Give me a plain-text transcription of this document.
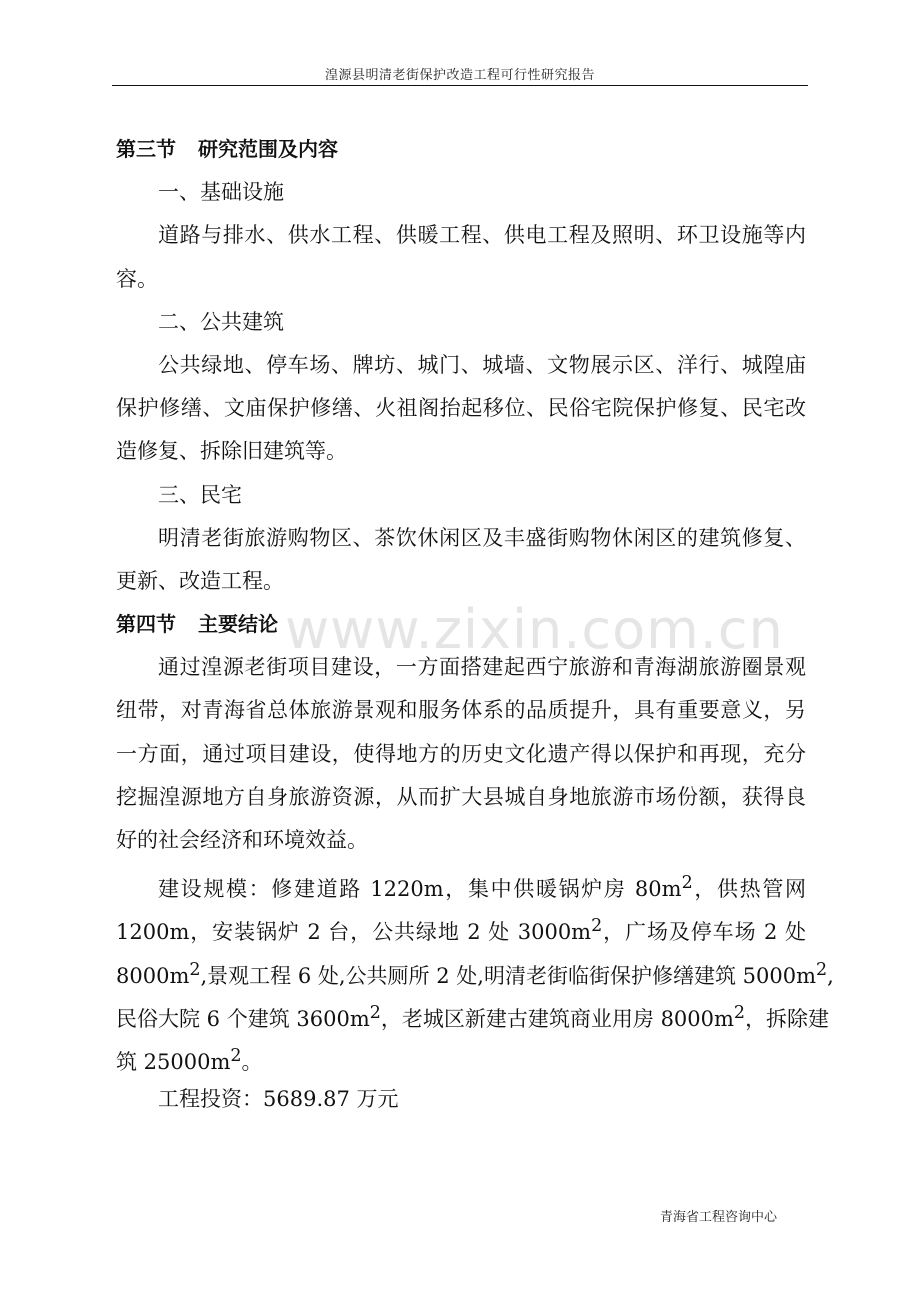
湟源县明清老街保护改造工程可行性研究报告
第三节 研究范围及内容
一、基础设施
道路与排水、供水工程、供暖工程、供电工程及照明、环卫设施等内
容。
二、公共建筑
公共绿地、停车场、牌坊、城门、城墙、文物展示区、洋行、城隍庙
保护修缮、文庙保护修缮、火祖阁抬起移位、民俗宅院保护修复、民宅改
造修复、拆除旧建筑等。
三、民宅
明清老街旅游购物区、茶饮休闲区及丰盛街购物休闲区的建筑修复、
更新、改造工程。
第四节 主要结论
通过湟源老街项目建设，一方面搭建起西宁旅游和青海湖旅游圈景观
纽带，对青海省总体旅游景观和服务体系的品质提升，具有重要意义，另
一方面，通过项目建设，使得地方的历史文化遗产得以保护和再现，充分
挖掘湟源地方自身旅游资源，从而扩大县城自身地旅游市场份额，获得良
好的社会经济和环境效益。
建设规模：修建道路 1220m，集中供暖锅炉房 $80m^2$，供热管网
1200m，安装锅炉 2 台，公共绿地 2 处 $3000m^2$，广场及停车场 2 处
$8000m^2$,景观工程 6 处,公共厕所 2 处,明清老街临街保护修缮建筑 $5000m^2$,
民俗大院 6 个建筑 $3600m^2$，老城区新建古建筑商业用房 $8000m^2$，拆除建
筑 $25000m^2$。
工程投资：5689.87 万元
www.zixin.com.cn
青海省工程咨询中心
